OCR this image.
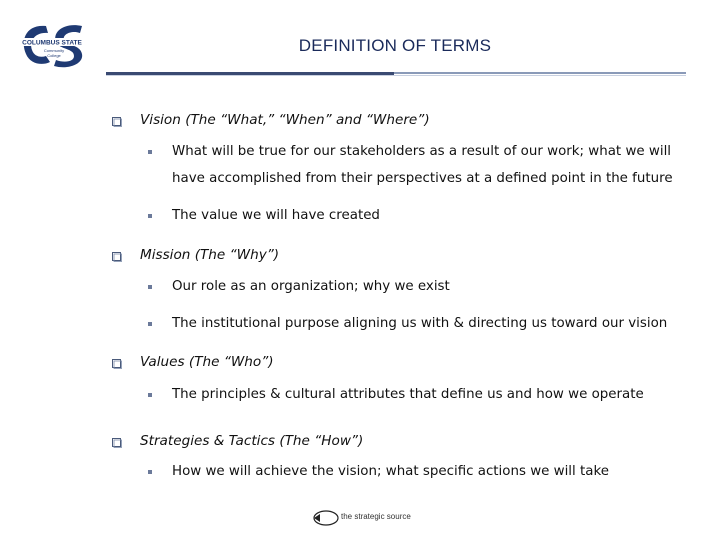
COLUMBUS STATE
Community
College
DEFINITION OF TERMS
Vision (The “What,” “When” and “Where”)
What will be true for our stakeholders as a result of our work; what we will
have accomplished from their perspectives at a defined point in the future
The value we will have created
Mission (The “Why”)
Our role as an organization; why we exist
The institutional purpose aligning us with & directing us toward our vision
Values (The “Who”)
The principles & cultural attributes that define us and how we operate
Strategies & Tactics (The “How”)
How we will achieve the vision; what specific actions we will take
the strategic source
